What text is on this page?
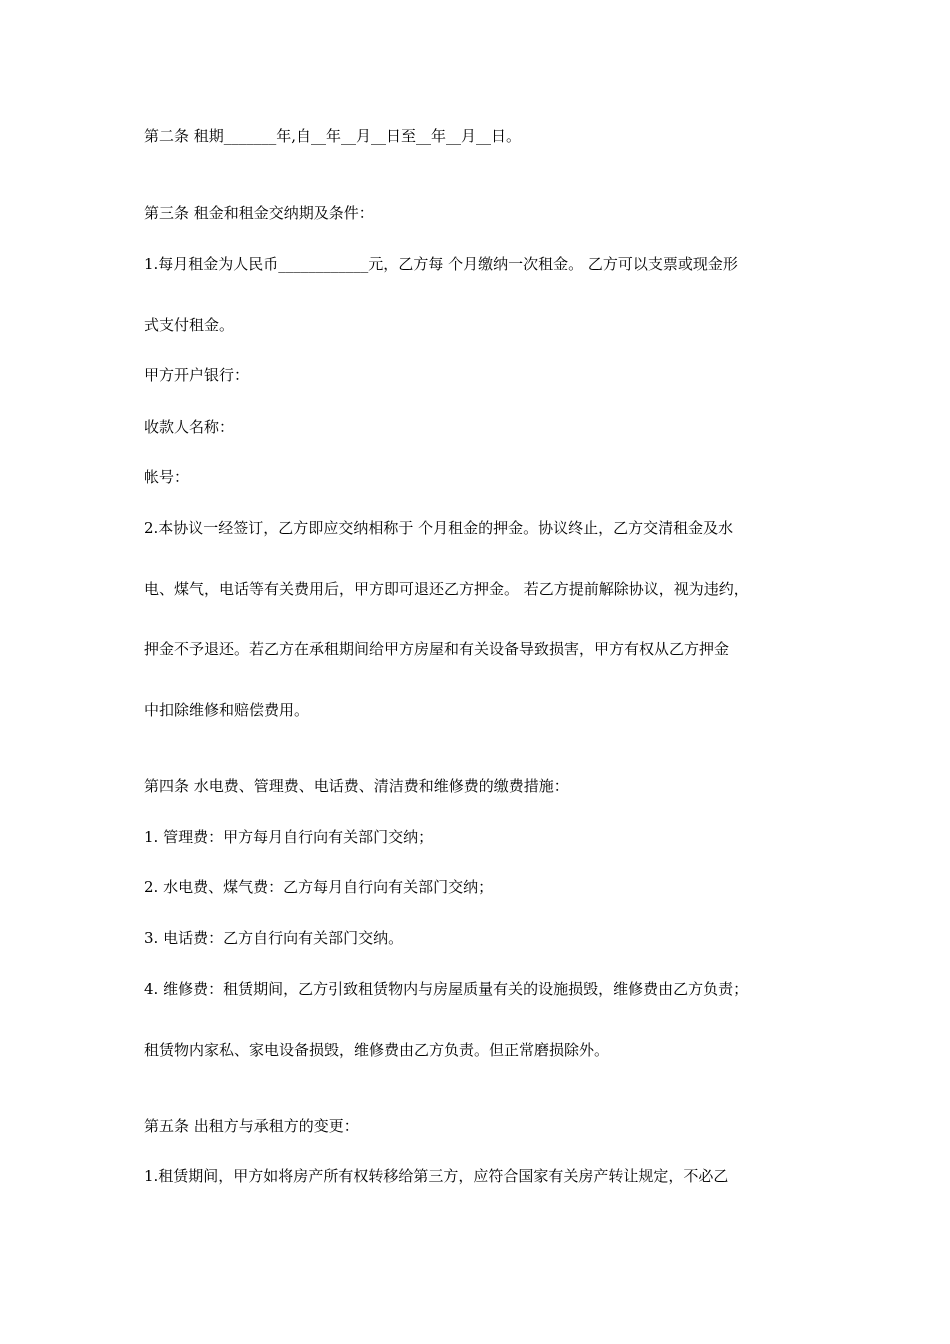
第二条 租期_______年,自__年__月__日至__年__月__日。
第三条 租金和租金交纳期及条件：
1.每月租金为人民币____________元，乙方每 个月缴纳一次租金。 乙方可以支票或现金形
式支付租金。
甲方开户银行：
收款人名称：
帐号：
2.本协议一经签订，乙方即应交纳相称于 个月租金的押金。协议终止，乙方交清租金及水
电、煤气，电话等有关费用后，甲方即可退还乙方押金。 若乙方提前解除协议，视为违约，
押金不予退还。若乙方在承租期间给甲方房屋和有关设备导致损害，甲方有权从乙方押金
中扣除维修和赔偿费用。
第四条 水电费、管理费、电话费、清洁费和维修费的缴费措施：
1. 管理费：甲方每月自行向有关部门交纳；
2. 水电费、煤气费：乙方每月自行向有关部门交纳；
3. 电话费：乙方自行向有关部门交纳。
4. 维修费：租赁期间，乙方引致租赁物内与房屋质量有关的设施损毁，维修费由乙方负责；
租赁物内家私、家电设备损毁，维修费由乙方负责。但正常磨损除外。
第五条 出租方与承租方的变更：
1.租赁期间，甲方如将房产所有权转移给第三方，应符合国家有关房产转让规定，不必乙
